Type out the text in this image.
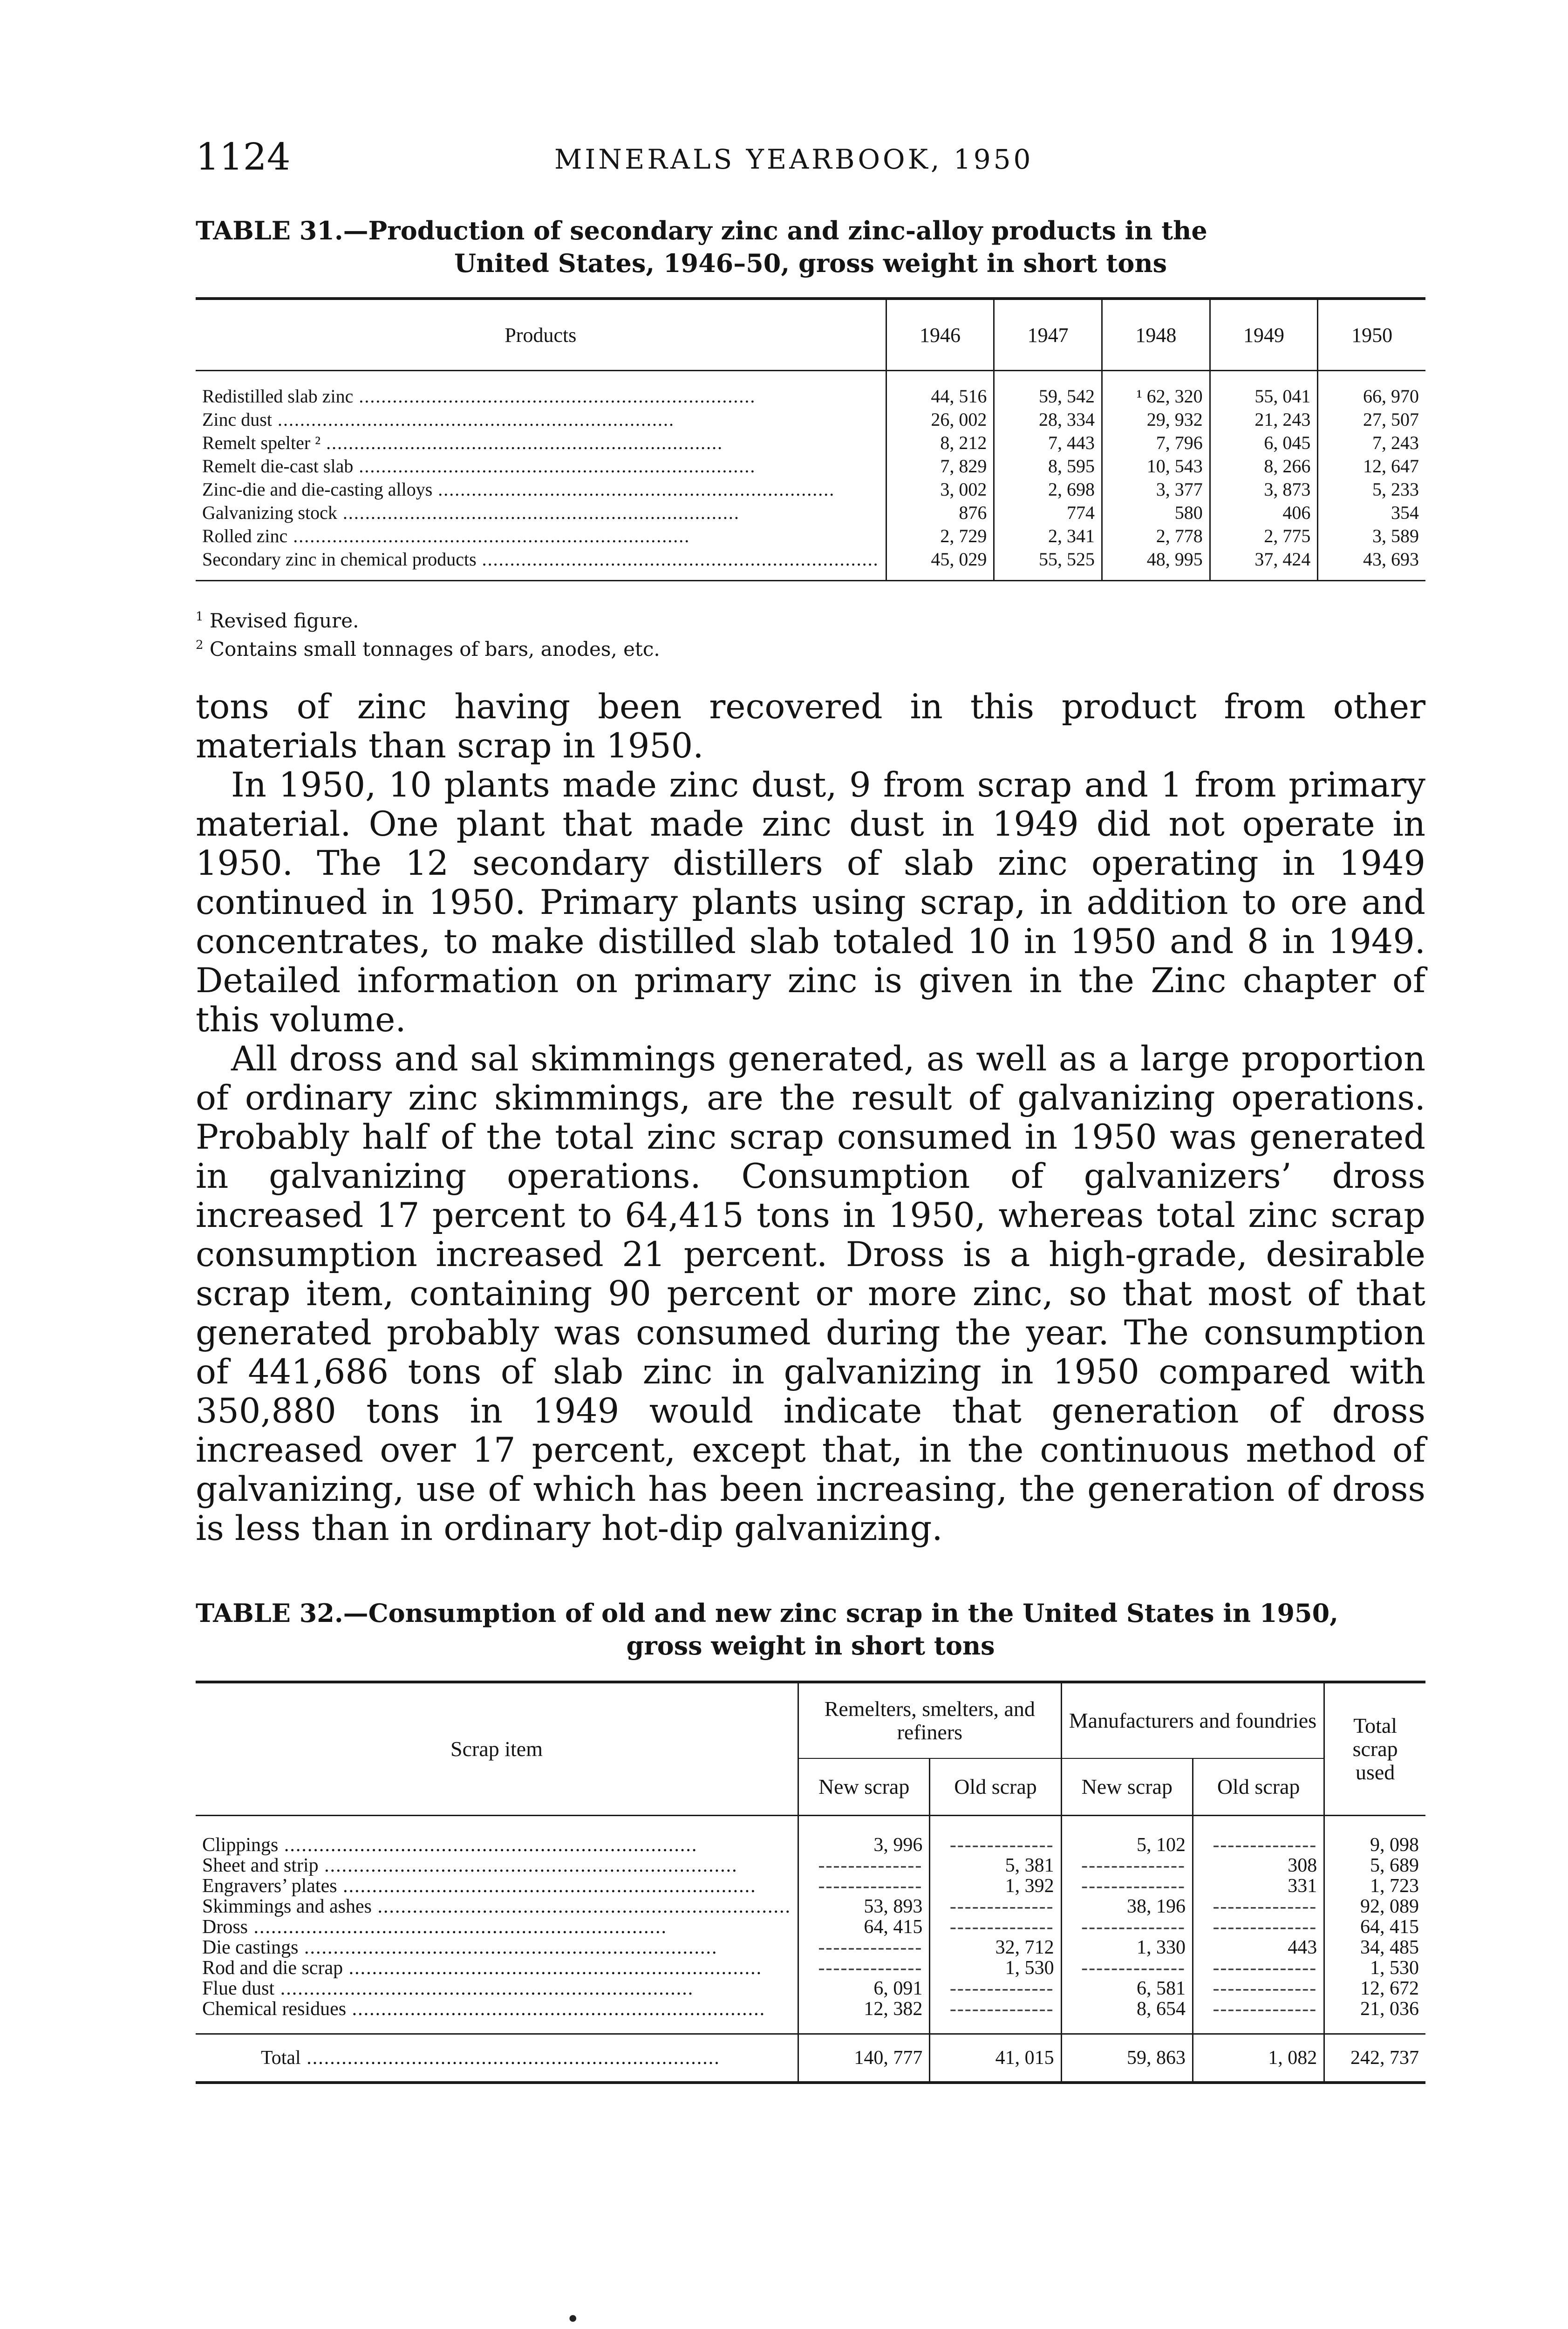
1124	MINERALS YEARBOOK, 1950
TABLE 31.—Production of secondary zinc and zinc-alloy products in the
United States, 1946–50, gross weight in short tons
Products	1946	1947	1948	1949	1950
Redistilled slab zinc .....	44, 516	59, 542	¹ 62, 320	55, 041	66, 970
Zinc dust .....	26, 002	28, 334	29, 932	21, 243	27, 507
Remelt spelter ² .....	8, 212	7, 443	7, 796	6, 045	7, 243
Remelt die-cast slab .....	7, 829	8, 595	10, 543	8, 266	12, 647
Zinc-die and die-casting alloys .....	3, 002	2, 698	3, 377	3, 873	5, 233
Galvanizing stock .....	876	774	580	406	354
Rolled zinc .....	2, 729	2, 341	2, 778	2, 775	3, 589
Secondary zinc in chemical products .....	45, 029	55, 525	48, 995	37, 424	43, 693
$^1$ Revised figure.
$^2$ Contains small tonnages of bars, anodes, etc.

tons of zinc having been recovered in this product from other materials than scrap in 1950.

In 1950, 10 plants made zinc dust, 9 from scrap and 1 from primary material. One plant that made zinc dust in 1949 did not operate in 1950. The 12 secondary distillers of slab zinc operating in 1949 continued in 1950. Primary plants using scrap, in addition to ore and concentrates, to make distilled slab totaled 10 in 1950 and 8 in 1949. Detailed information on primary zinc is given in the Zinc chapter of this volume.

All dross and sal skimmings generated, as well as a large proportion of ordinary zinc skimmings, are the result of galvanizing operations. Probably half of the total zinc scrap consumed in 1950 was generated in galvanizing operations. Consumption of galvanizers’ dross increased 17 percent to 64,415 tons in 1950, whereas total zinc scrap consumption increased 21 percent. Dross is a high-grade, desirable scrap item, containing 90 percent or more zinc, so that most of that generated probably was consumed during the year. The consumption of 441,686 tons of slab zinc in galvanizing in 1950 compared with 350,880 tons in 1949 would indicate that generation of dross increased over 17 percent, except that, in the continuous method of galvanizing, use of which has been increasing, the generation of dross is less than in ordinary hot-dip galvanizing.

TABLE 32.—Consumption of old and new zinc scrap in the United States in 1950,
gross weight in short tons
Scrap item	Remelters, smelters, and refiners		Manufacturers and foundries		Total scrap used
	New scrap	Old scrap	New scrap	Old scrap	
Clippings .....	3, 996	-----	5, 102	-----	9, 098
Sheet and strip .....	-----	5, 381	-----	308	5, 689
Engravers’ plates .....	-----	1, 392	-----	331	1, 723
Skimmings and ashes .....	53, 893	-----	38, 196	-----	92, 089
Dross .....	64, 415	-----	-----	-----	64, 415
Die castings .....	-----	32, 712	1, 330	443	34, 485
Rod and die scrap .....	-----	1, 530	-----	-----	1, 530
Flue dust .....	6, 091	-----	6, 581	-----	12, 672
Chemical residues .....	12, 382	-----	8, 654	-----	21, 036
Total .....	140, 777	41, 015	59, 863	1, 082	242, 737
•
